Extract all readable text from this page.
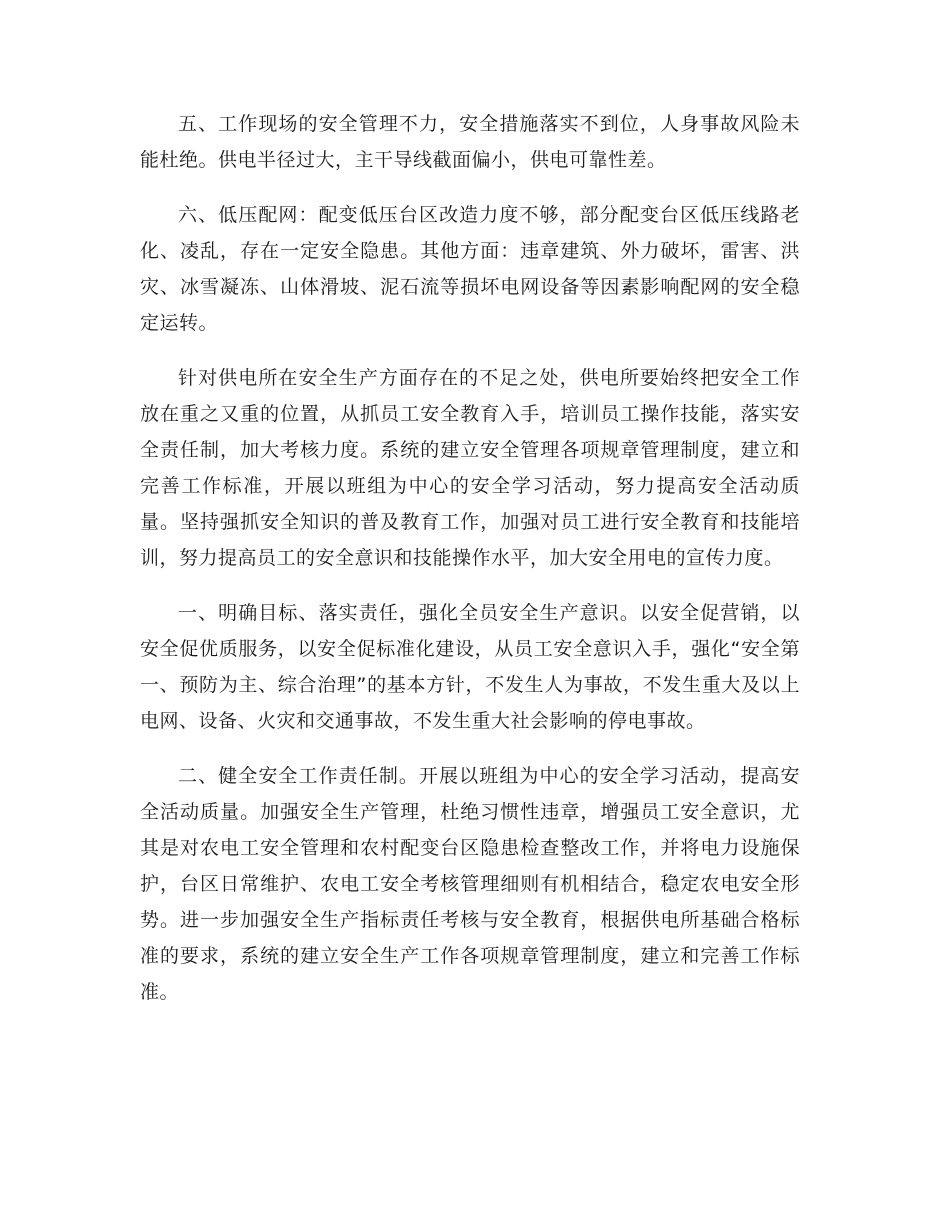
五、工作现场的安全管理不力，安全措施落实不到位，人身事故风险未能杜绝。供电半径过大，主干导线截面偏小，供电可靠性差。

六、低压配网：配变低压台区改造力度不够，部分配变台区低压线路老化、凌乱，存在一定安全隐患。其他方面：违章建筑、外力破坏，雷害、洪灾、冰雪凝冻、山体滑坡、泥石流等损坏电网设备等因素影响配网的安全稳定运转。

针对供电所在安全生产方面存在的不足之处，供电所要始终把安全工作放在重之又重的位置，从抓员工安全教育入手，培训员工操作技能，落实安全责任制，加大考核力度。系统的建立安全管理各项规章管理制度，建立和完善工作标准，开展以班组为中心的安全学习活动，努力提高安全活动质量。坚持强抓安全知识的普及教育工作，加强对员工进行安全教育和技能培训，努力提高员工的安全意识和技能操作水平，加大安全用电的宣传力度。

一、明确目标、落实责任，强化全员安全生产意识。以安全促营销，以安全促优质服务，以安全促标准化建设，从员工安全意识入手，强化“安全第一、预防为主、综合治理”的基本方针，不发生人为事故，不发生重大及以上电网、设备、火灾和交通事故，不发生重大社会影响的停电事故。

二、健全安全工作责任制。开展以班组为中心的安全学习活动，提高安全活动质量。加强安全生产管理，杜绝习惯性违章，增强员工安全意识，尤其是对农电工安全管理和农村配变台区隐患检查整改工作，并将电力设施保护，台区日常维护、农电工安全考核管理细则有机相结合，稳定农电安全形势。进一步加强安全生产指标责任考核与安全教育，根据供电所基础合格标准的要求，系统的建立安全生产工作各项规章管理制度，建立和完善工作标准。
